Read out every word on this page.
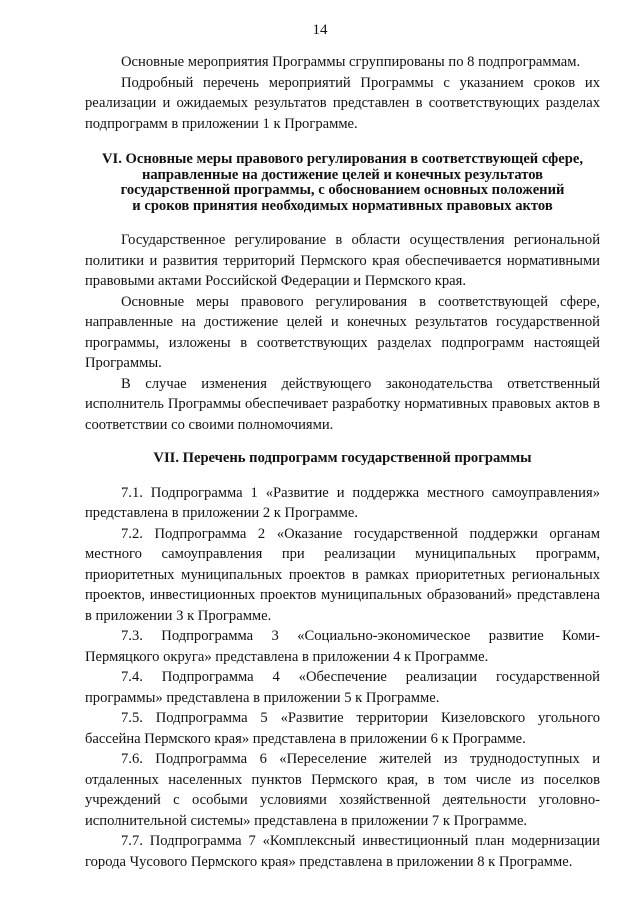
14

Основные мероприятия Программы сгруппированы по 8 подпрограммам.

Подробный перечень мероприятий Программы с указанием сроков их реализации и ожидаемых результатов представлен в соответствующих разделах подпрограмм в приложении 1 к Программе.

VI. Основные меры правового регулирования в соответствующей сфере,
направленные на достижение целей и конечных результатов
государственной программы, с обоснованием основных положений
и сроков принятия необходимых нормативных правовых актов

Государственное регулирование в области осуществления региональной политики и развития территорий Пермского края обеспечивается нормативными правовыми актами Российской Федерации и Пермского края.

Основные меры правового регулирования в соответствующей сфере, направленные на достижение целей и конечных результатов государственной программы, изложены в соответствующих разделах подпрограмм настоящей Программы.

В случае изменения действующего законодательства ответственный исполнитель Программы обеспечивает разработку нормативных правовых актов в соответствии со своими полномочиями.

VII. Перечень подпрограмм государственной программы

7.1. Подпрограмма 1 «Развитие и поддержка местного самоуправления» представлена в приложении 2 к Программе.

7.2. Подпрограмма 2 «Оказание государственной поддержки органам местного самоуправления при реализации муниципальных программ, приоритетных муниципальных проектов в рамках приоритетных региональных проектов, инвестиционных проектов муниципальных образований» представлена в приложении 3 к Программе.

7.3. Подпрограмма 3 «Социально-экономическое развитие Коми-Пермяцкого округа» представлена в приложении 4 к Программе.

7.4. Подпрограмма 4 «Обеспечение реализации государственной программы» представлена в приложении 5 к Программе.

7.5. Подпрограмма 5 «Развитие территории Кизеловского угольного бассейна Пермского края» представлена в приложении 6 к Программе.

7.6. Подпрограмма 6 «Переселение жителей из труднодоступных и отдаленных населенных пунктов Пермского края, в том числе из поселков учреждений с особыми условиями хозяйственной деятельности уголовно-исполнительной системы» представлена в приложении 7 к Программе.

7.7. Подпрограмма 7 «Комплексный инвестиционный план модернизации города Чусового Пермского края» представлена в приложении 8 к Программе.
